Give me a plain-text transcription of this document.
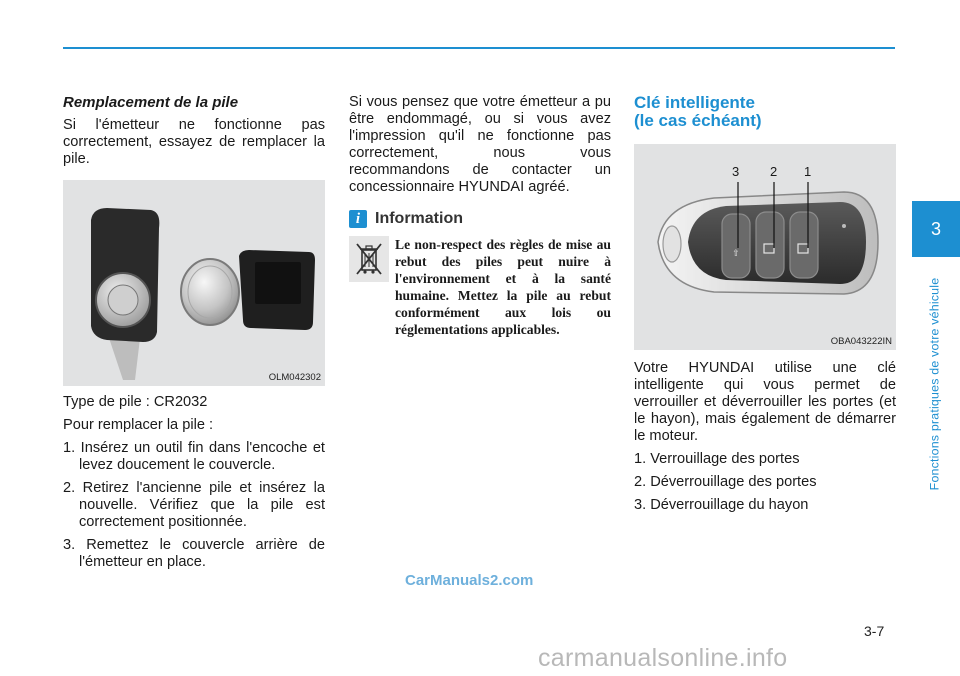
Remplacement de la pile
Si l'émetteur ne fonctionne pas correctement, essayez de remplacer la pile.
OLM042302
Type de pile : CR2032
Pour remplacer la pile :
1. Insérez un outil fin dans l'encoche et levez doucement le couvercle.
2. Retirez l'ancienne pile et insérez la nouvelle. Vérifiez que la pile est correctement positionnée.
3. Remettez le couvercle arrière de l'émetteur en place.
Si vous pensez que votre émetteur a pu être endommagé, ou si vous avez l'impression qu'il ne fonctionne pas correctement, nous vous recommandons de contacter un concessionnaire HYUNDAI agréé.
i Information
Le non-respect des règles de mise au rebut des piles peut nuire à l'environnement et à la santé humaine. Mettez la pile au rebut conformément aux lois ou réglementations applicables.
Clé intelligente
(le cas échéant)
⇧
3 2 1
OBA043222IN
Votre HYUNDAI utilise une clé intelligente qui vous permet de verrouiller et déverrouiller les portes (et le hayon), mais également de démarrer le moteur.
1. Verrouillage des portes
2. Déverrouillage des portes
3. Déverrouillage du hayon
3
Fonctions pratiques de votre véhicule
3-7
CarManuals2.com
carmanualsonline.info
